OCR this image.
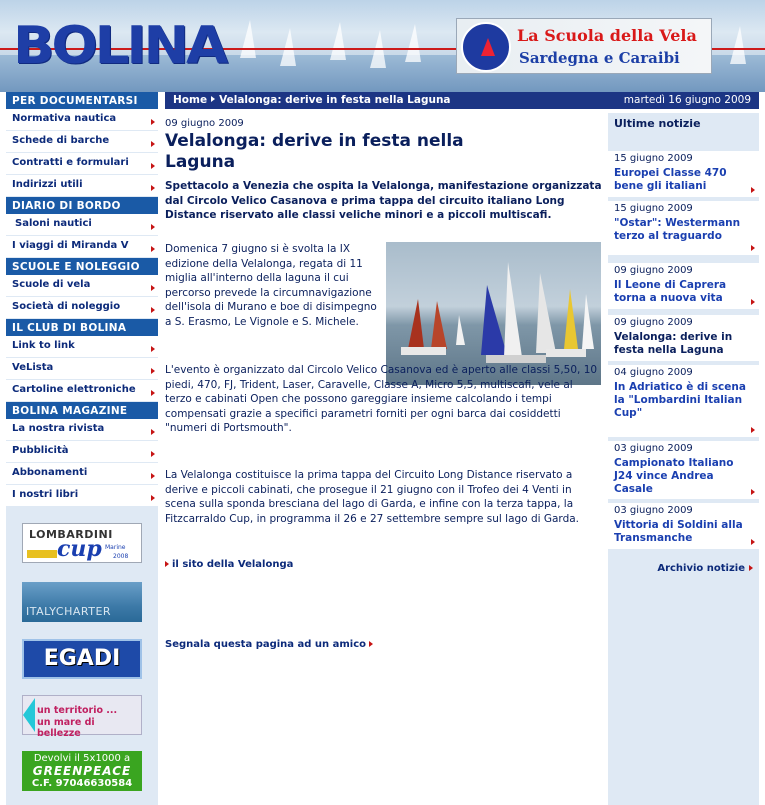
BOLINA	La Scuola della Vela
Sardegna e Caraibi
PER DOCUMENTARSI
Normativa nautica
Schede di barche
Contratti e formulari
Indirizzi utili
DIARIO DI BORDO
Saloni nautici
I viaggi di Miranda V
SCUOLE E NOLEGGIO
Scuole di vela
Società di noleggio
IL CLUB DI BOLINA
Link to link
VeLista
Cartoline elettroniche
BOLINA MAGAZINE
La nostra rivista
Pubblicità
Abbonamenti
I nostri libri
LOMBARDINI
cup Marine
2008
ITALYCHARTER
EGADI
un territorio ...
un mare di bellezze
Devolvi il 5x1000 a
GREENPEACE
C.F. 97046630584
Home Velalonga: derive in festa nella Laguna	martedì 16 giugno 2009
09 giugno 2009
Velalonga: derive in festa nella Laguna
Spettacolo a Venezia che ospita la Velalonga, manifestazione organizzata dal Circolo Velico Casanova e prima tappa del circuito italiano Long Distance riservato alle classi veliche minori e a piccoli multiscafi.
Domenica 7 giugno si è svolta la IX edizione della Velalonga, regata di 11 miglia all'interno della laguna il cui percorso prevede la circumnavigazione dell'isola di Murano e boe di disimpegno a S. Erasmo, Le Vignole e S. Michele.
L'evento è organizzato dal Circolo Velico Casanova ed è aperto alle classi 5,50, 10 piedi, 470, FJ, Trident, Laser, Caravelle, Classe A, Micro 5,5, multiscafi, vele al terzo e cabinati Open che possono gareggiare insieme calcolando i tempi compensati grazie a specifici parametri forniti per ogni barca dai cosiddetti "numeri di Portsmouth".
La Velalonga costituisce la prima tappa del Circuito Long Distance riservato a derive e piccoli cabinati, che prosegue il 21 giugno con il Trofeo dei 4 Venti in scena sulla sponda bresciana del lago di Garda, e infine con la terza tappa, la Fitzcarraldo Cup, in programma il 26 e 27 settembre sempre sul lago di Garda.
il sito della Velalonga
Segnala questa pagina ad un amico
Ultime notizie
15 giugno 2009
Europei Classe 470 bene gli italiani
15 giugno 2009
"Ostar": Westermann terzo al traguardo
09 giugno 2009
Il Leone di Caprera torna a nuova vita
09 giugno 2009
Velalonga: derive in festa nella Laguna
04 giugno 2009
In Adriatico è di scena la "Lombardini Italian Cup"
03 giugno 2009
Campionato Italiano J24 vince Andrea Casale
03 giugno 2009
Vittoria di Soldini alla Transmanche
Archivio notizie
